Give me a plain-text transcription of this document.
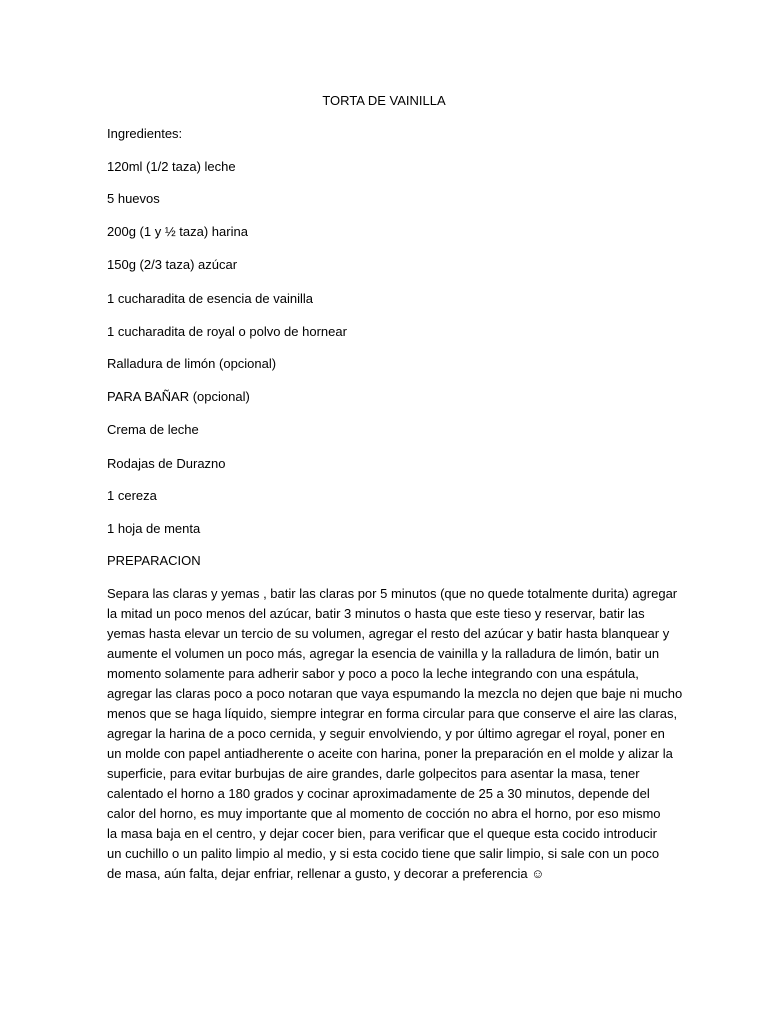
TORTA DE VAINILLA
Ingredientes:
120ml (1/2 taza) leche
5 huevos
200g (1 y ½ taza) harina
150g (2/3 taza) azúcar
1 cucharadita de esencia de vainilla
1 cucharadita de royal o polvo de hornear
Ralladura de limón (opcional)
PARA BAÑAR (opcional)
Crema de leche
Rodajas de Durazno
1 cereza
1 hoja de menta
PREPARACION
Separa las claras y yemas , batir las claras por 5 minutos (que no quede totalmente durita) agregar
la mitad un poco menos del azúcar, batir 3 minutos o hasta que este tieso y reservar, batir las
yemas hasta elevar un tercio de su volumen, agregar el resto del azúcar y batir hasta blanquear y
aumente el volumen un poco más, agregar la esencia de vainilla y la ralladura de limón, batir un
momento solamente para adherir sabor y poco a poco la leche integrando con una espátula,
agregar las claras poco a poco notaran que vaya espumando la mezcla no dejen que baje ni mucho
menos que se haga líquido, siempre integrar en forma circular para que conserve el aire las claras,
agregar la harina de a poco cernida, y seguir envolviendo, y por último agregar el royal, poner en
un molde con papel antiadherente o aceite con harina, poner la preparación en el molde y alizar la
superficie, para evitar burbujas de aire grandes, darle golpecitos para asentar la masa, tener
calentado el horno a 180 grados y cocinar aproximadamente de 25 a 30 minutos, depende del
calor del horno, es muy importante que al momento de cocción no abra el horno, por eso mismo
la masa baja en el centro, y dejar cocer bien, para verificar que el queque esta cocido introducir
un cuchillo o un palito limpio al medio, y si esta cocido tiene que salir limpio, si sale con un poco
de masa, aún falta, dejar enfriar, rellenar a gusto, y decorar a preferencia ☺
